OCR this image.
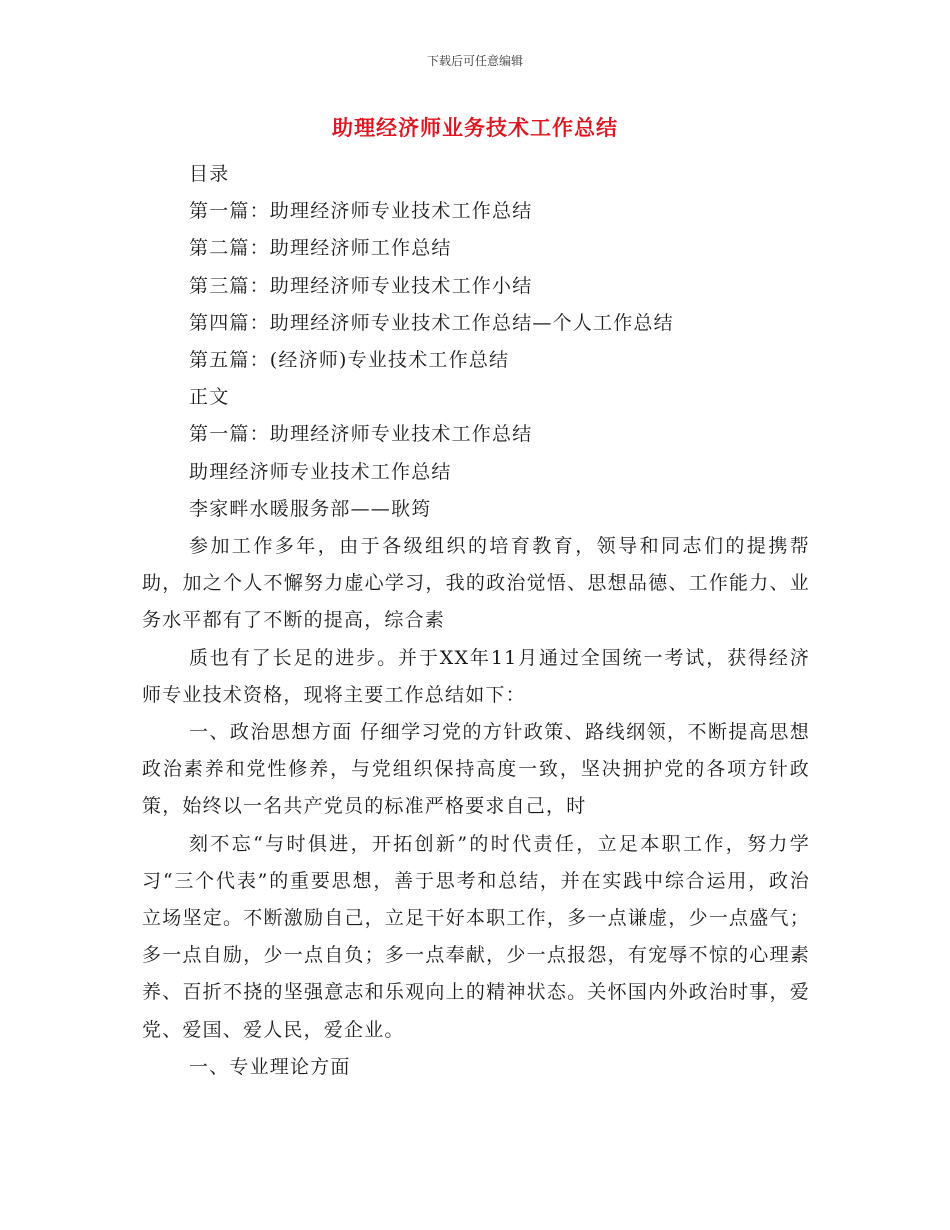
下载后可任意编辑
助理经济师业务技术工作总结
目录
第一篇：助理经济师专业技术工作总结
第二篇：助理经济师工作总结
第三篇：助理经济师专业技术工作小结
第四篇：助理经济师专业技术工作总结—个人工作总结
第五篇：(经济师)专业技术工作总结
正文
第一篇：助理经济师专业技术工作总结
助理经济师专业技术工作总结
李家畔水暖服务部——耿筠
参加工作多年，由于各级组织的培育教育，领导和同志们的提携帮助，加之个人不懈努力虚心学习，我的政治觉悟、思想品德、工作能力、业务水平都有了不断的提高，综合素
质也有了长足的进步。并于XX年11月通过全国统一考试，获得经济师专业技术资格，现将主要工作总结如下：
一、政治思想方面 仔细学习党的方针政策、路线纲领，不断提高思想政治素养和党性修养，与党组织保持高度一致，坚决拥护党的各项方针政策，始终以一名共产党员的标准严格要求自己，时
刻不忘“与时俱进，开拓创新”的时代责任，立足本职工作，努力学习“三个代表”的重要思想，善于思考和总结，并在实践中综合运用，政治立场坚定。不断激励自己，立足干好本职工作，多一点谦虚，少一点盛气；多一点自励，少一点自负；多一点奉献，少一点报怨，有宠辱不惊的心理素养、百折不挠的坚强意志和乐观向上的精神状态。关怀国内外政治时事，爱党、爱国、爱人民，爱企业。
一、专业理论方面
